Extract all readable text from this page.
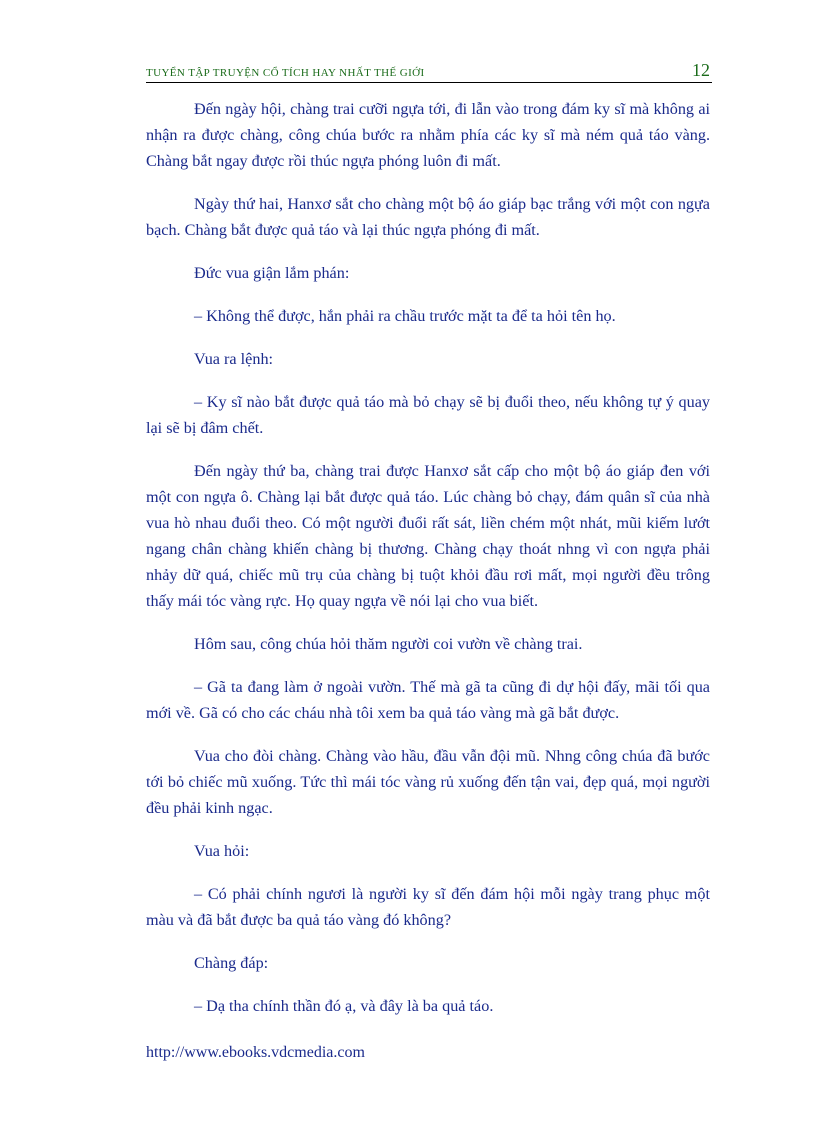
TUYỂN TẬP TRUYỆN CỔ TÍCH HAY NHẤT THẾ GIỚI	12

Đến ngày hội, chàng trai cưỡi ngựa tới, đi lẫn vào trong đám ky sĩ mà không ai nhận ra được chàng, công chúa bước ra nhằm phía các ky sĩ mà ném quả táo vàng. Chàng bắt ngay được rồi thúc ngựa phóng luôn đi mất.

Ngày thứ hai, Hanxơ sắt cho chàng một bộ áo giáp bạc trắng với một con ngựa bạch. Chàng bắt được quả táo và lại thúc ngựa phóng đi mất.

Đức vua giận lắm phán:

– Không thể được, hắn phải ra chầu trước mặt ta để ta hỏi tên họ.

Vua ra lệnh:

– Ky sĩ nào bắt được quả táo mà bỏ chạy sẽ bị đuổi theo, nếu không tự ý quay lại sẽ bị đâm chết.

Đến ngày thứ ba, chàng trai được Hanxơ sắt cấp cho một bộ áo giáp đen với một con ngựa ô. Chàng lại bắt được quả táo. Lúc chàng bỏ chạy, đám quân sĩ của nhà vua hò nhau đuổi theo. Có một người đuổi rất sát, liền chém một nhát, mũi kiếm lướt ngang chân chàng khiến chàng bị thương. Chàng chạy thoát nhng vì con ngựa phải nhảy dữ quá, chiếc mũ trụ của chàng bị tuột khỏi đầu rơi mất, mọi người đều trông thấy mái tóc vàng rực. Họ quay ngựa về nói lại cho vua biết.

Hôm sau, công chúa hỏi thăm người coi vườn về chàng trai.

– Gã ta đang làm ở ngoài vườn. Thế mà gã ta cũng đi dự hội đấy, mãi tối qua mới về. Gã có cho các cháu nhà tôi xem ba quả táo vàng mà gã bắt được.

Vua cho đòi chàng. Chàng vào hầu, đầu vẫn đội mũ. Nhng công chúa đã bước tới bỏ chiếc mũ xuống. Tức thì mái tóc vàng rủ xuống đến tận vai, đẹp quá, mọi người đều phải kinh ngạc.

Vua hỏi:

– Có phải chính ngươi là người ky sĩ đến đám hội mỗi ngày trang phục một màu và đã bắt được ba quả táo vàng đó không?

Chàng đáp:

– Dạ tha chính thần đó ạ, và đây là ba quả táo.

http://www.ebooks.vdcmedia.com
